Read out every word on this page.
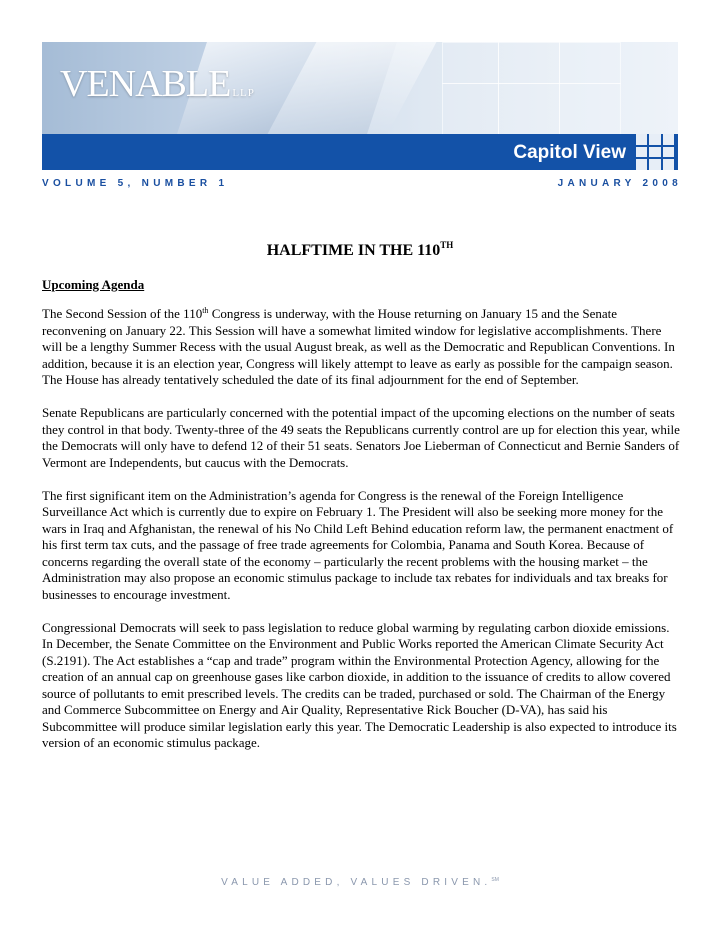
VENABLE LLP
Capitol View
VOLUME 5, NUMBER 1	JANUARY 2008
HALFTIME IN THE 110TH
Upcoming Agenda

The Second Session of the 110th Congress is underway, with the House returning on January 15 and the Senate reconvening on January 22. This Session will have a somewhat limited window for legislative accomplishments. There will be a lengthy Summer Recess with the usual August break, as well as the Democratic and Republican Conventions. In addition, because it is an election year, Congress will likely attempt to leave as early as possible for the campaign season. The House has already tentatively scheduled the date of its final adjournment for the end of September.

Senate Republicans are particularly concerned with the potential impact of the upcoming elections on the number of seats they control in that body. Twenty-three of the 49 seats the Republicans currently control are up for election this year, while the Democrats will only have to defend 12 of their 51 seats. Senators Joe Lieberman of Connecticut and Bernie Sanders of Vermont are Independents, but caucus with the Democrats.

The first significant item on the Administration’s agenda for Congress is the renewal of the Foreign Intelligence Surveillance Act which is currently due to expire on February 1. The President will also be seeking more money for the wars in Iraq and Afghanistan, the renewal of his No Child Left Behind education reform law, the permanent enactment of his first term tax cuts, and the passage of free trade agreements for Colombia, Panama and South Korea. Because of concerns regarding the overall state of the economy – particularly the recent problems with the housing market – the Administration may also propose an economic stimulus package to include tax rebates for individuals and tax breaks for businesses to encourage investment.

Congressional Democrats will seek to pass legislation to reduce global warming by regulating carbon dioxide emissions. In December, the Senate Committee on the Environment and Public Works reported the American Climate Security Act (S.2191). The Act establishes a “cap and trade” program within the Environmental Protection Agency, allowing for the creation of an annual cap on greenhouse gases like carbon dioxide, in addition to the issuance of credits to allow covered source of pollutants to emit prescribed levels. The credits can be traded, purchased or sold. The Chairman of the Energy and Commerce Subcommittee on Energy and Air Quality, Representative Rick Boucher (D-VA), has said his Subcommittee will produce similar legislation early this year. The Democratic Leadership is also expected to introduce its version of an economic stimulus package.

VALUE ADDED, VALUES DRIVEN.℠
